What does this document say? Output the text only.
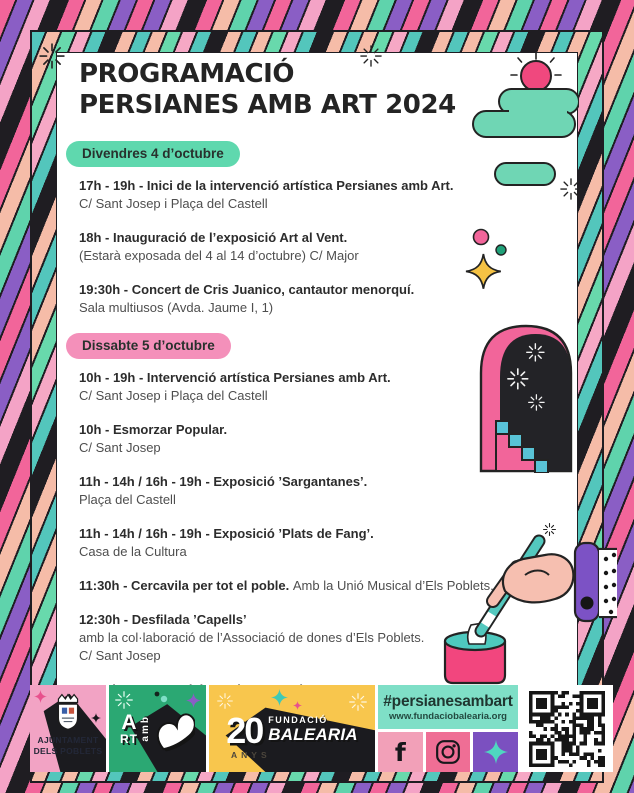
PROGRAMACIÓ
PERSIANES AMB ART 2024
Divendres 4 d’octubre

17h - 19h - Inici de la intervenció artística Persianes amb Art.

C/ Sant Josep i Plaça del Castell

18h - Inauguració de l’exposició Art al Vent.

(Estarà exposada del 4 al 14 d’octubre) C/ Major

19:30h - Concert de Cris Juanico, cantautor menorquí.

Sala multiusos (Avda. Jaume I, 1)

Dissabte 5 d’octubre

10h - 19h - Intervenció artística Persianes amb Art.

C/ Sant Josep i Plaça del Castell

10h - Esmorzar Popular.

C/ Sant Josep

11h - 14h / 16h - 19h - Exposició ’Sargantanes’.

Plaça del Castell

11h - 14h / 16h - 19h - Exposició ’Plats de Fang’.

Casa de la Cultura

11:30h - Cercavila per tot el poble. Amb la Unió Musical d’Els Poblets.

12:30h - Desfilada ’Capells’

amb la col·laboració de l’Associació de dones d’Els Poblets.

C/ Sant Josep

AJUNTAMENT
DELS POBLETS
A
RT amb 20 FUNDACIÓ
BALEARIA
ANYS
#persianesambart
www.fundaciobalearia.org
f
